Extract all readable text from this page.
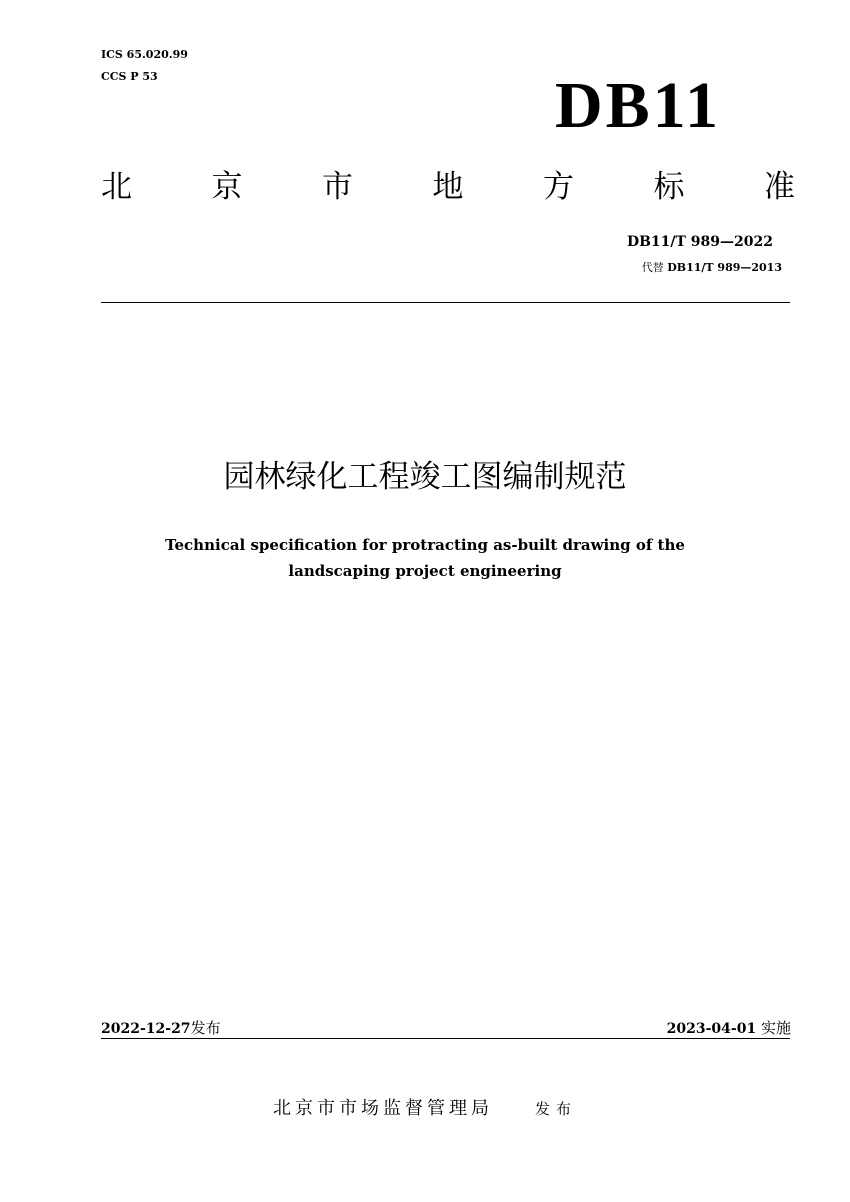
ICS 65.020.99
CCS P 53	DB11
北	京	市	地	方	标	准
DB11/T 989—2022
代替 DB11/T 989—2013
园林绿化工程竣工图编制规范
Technical specification for protracting as-built drawing of the
landscaping project engineering
2022-12-27发布	2023-04-01 实施
北京市市场监督管理局	发布
